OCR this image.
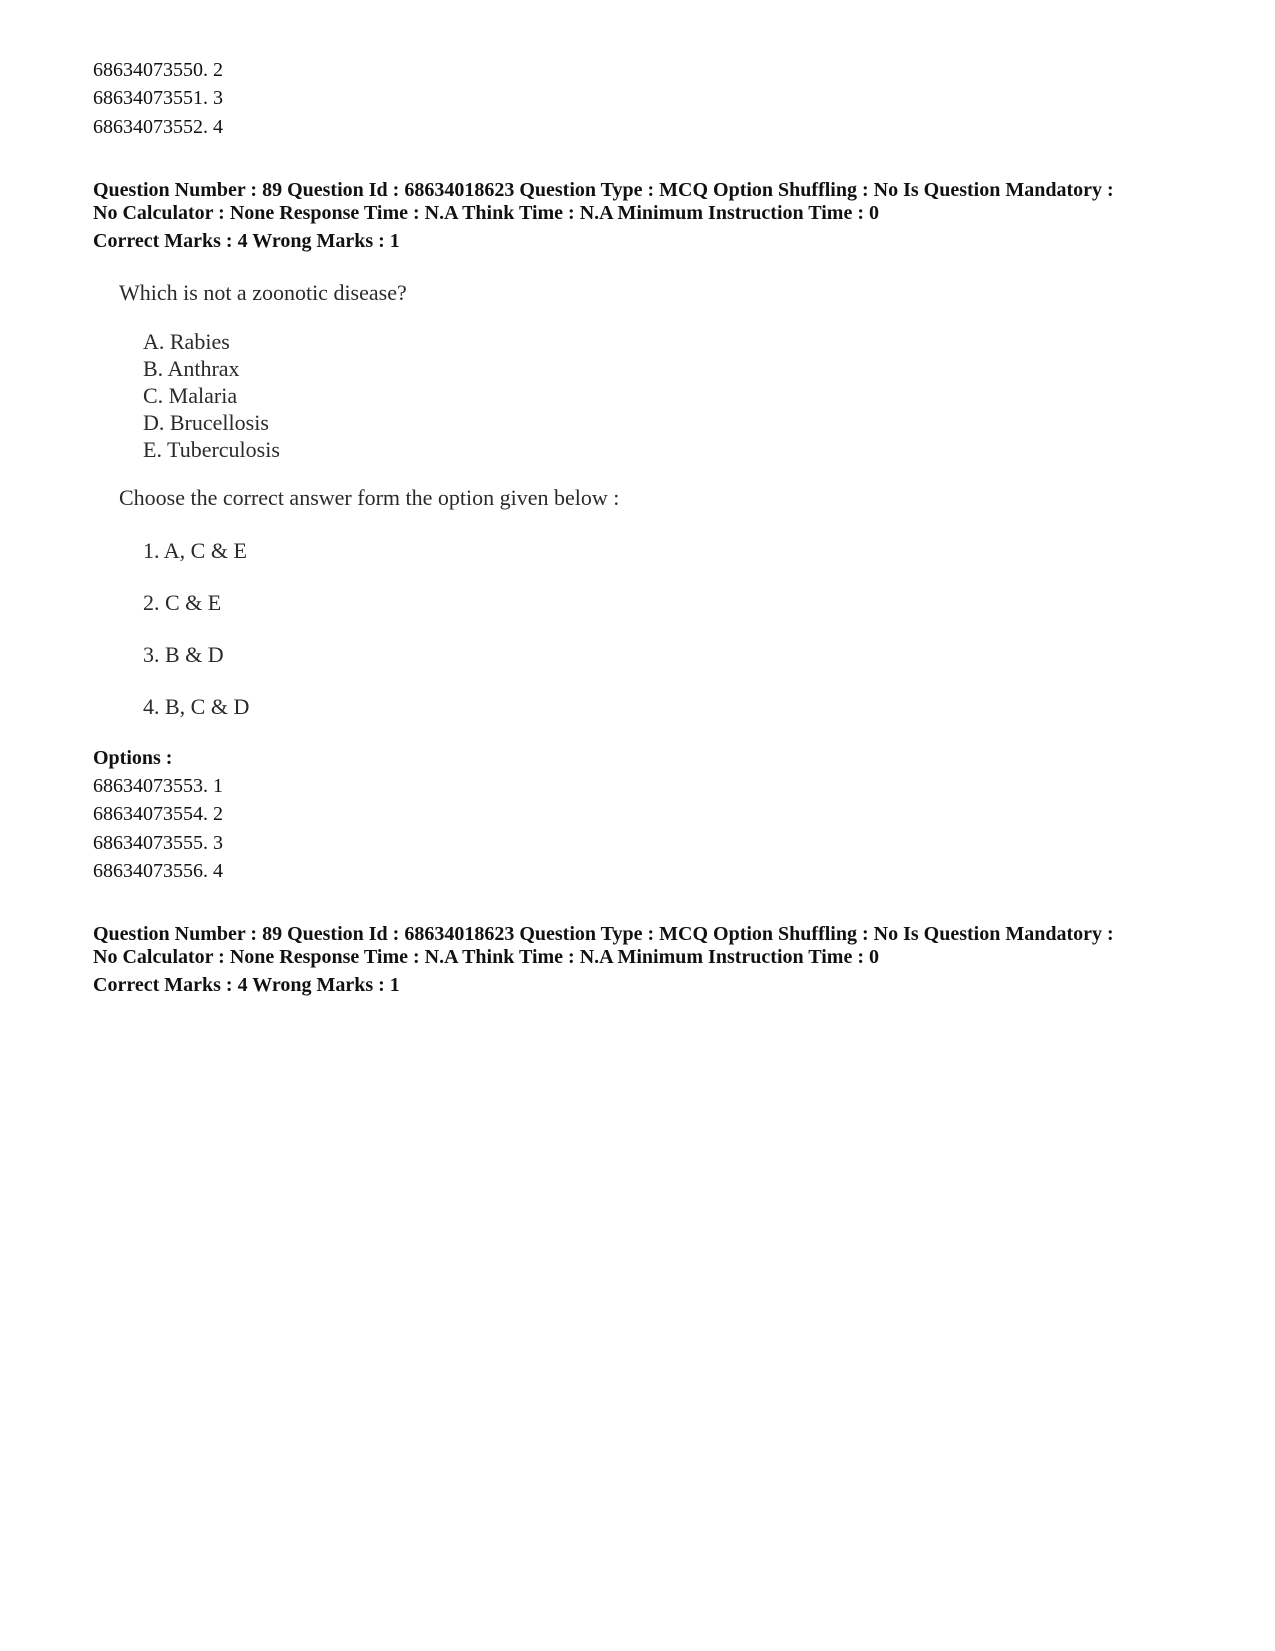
68634073550. 2
68634073551. 3
68634073552. 4
Question Number : 89 Question Id : 68634018623 Question Type : MCQ Option Shuffling : No Is Question Mandatory :
No Calculator : None Response Time : N.A Think Time : N.A Minimum Instruction Time : 0
Correct Marks : 4 Wrong Marks : 1
Which is not a zoonotic disease?
A. Rabies
B. Anthrax
C. Malaria
D. Brucellosis
E. Tuberculosis
Choose the correct answer form the option given below :
1. A, C & E
2. C & E
3. B & D
4. B, C & D
Options :
68634073553. 1
68634073554. 2
68634073555. 3
68634073556. 4
Question Number : 89 Question Id : 68634018623 Question Type : MCQ Option Shuffling : No Is Question Mandatory :
No Calculator : None Response Time : N.A Think Time : N.A Minimum Instruction Time : 0
Correct Marks : 4 Wrong Marks : 1
